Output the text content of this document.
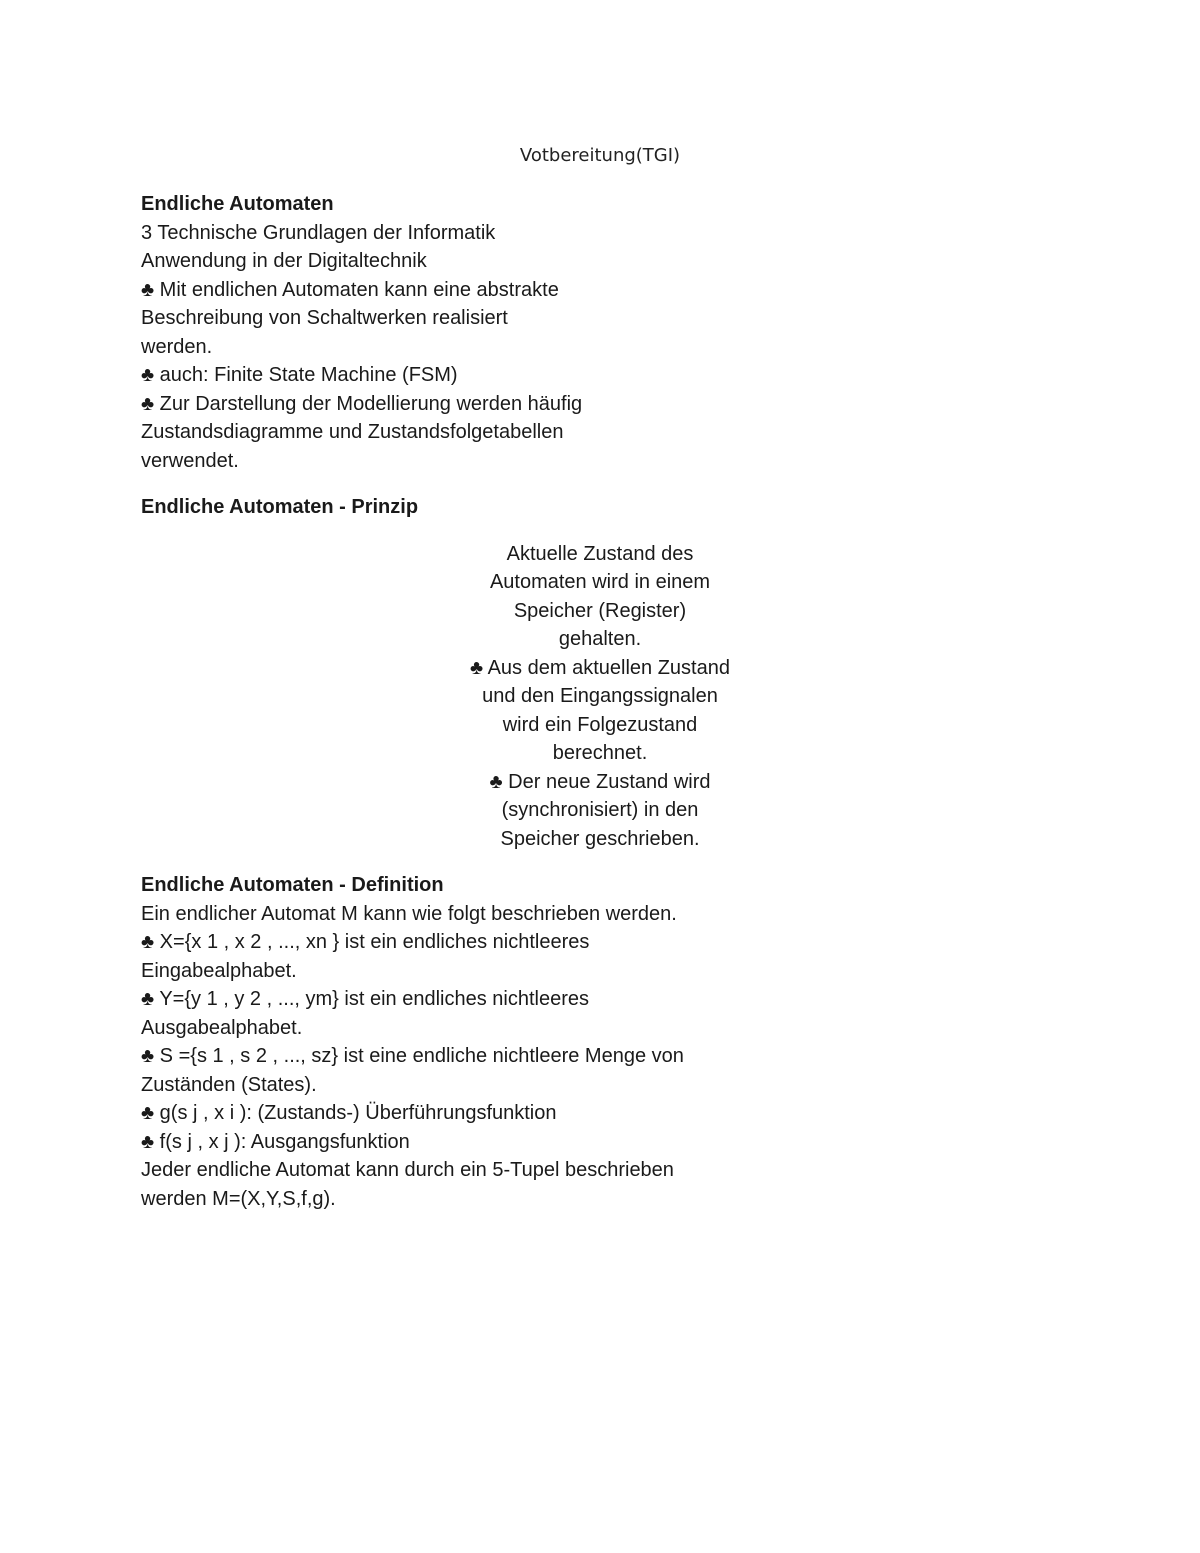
Votbereitung(TGI)
Endliche Automaten
3 Technische Grundlagen der Informatik
Anwendung in der Digitaltechnik
♣ Mit endlichen Automaten kann eine abstrakte
Beschreibung von Schaltwerken realisiert
werden.
♣ auch: Finite State Machine (FSM)
♣ Zur Darstellung der Modellierung werden häufig
Zustandsdiagramme und Zustandsfolgetabellen
verwendet.
Endliche Automaten - Prinzip
Aktuelle Zustand des
Automaten wird in einem
Speicher (Register)
gehalten.
♣ Aus dem aktuellen Zustand
und den Eingangssignalen
wird ein Folgezustand
berechnet.
♣ Der neue Zustand wird
(synchronisiert) in den
Speicher geschrieben.
Endliche Automaten - Definition
Ein endlicher Automat M kann wie folgt beschrieben werden.
♣ X={x 1 , x 2 , ..., xn } ist ein endliches nichtleeres
Eingabealphabet.
♣ Y={y 1 , y 2 , ..., ym} ist ein endliches nichtleeres
Ausgabealphabet.
♣ S ={s 1 , s 2 , ..., sz} ist eine endliche nichtleere Menge von
Zuständen (States).
♣ g(s j , x i ): (Zustands-) Überführungsfunktion
♣ f(s j , x j ): Ausgangsfunktion
Jeder endliche Automat kann durch ein 5-Tupel beschrieben
werden M=(X,Y,S,f,g).
